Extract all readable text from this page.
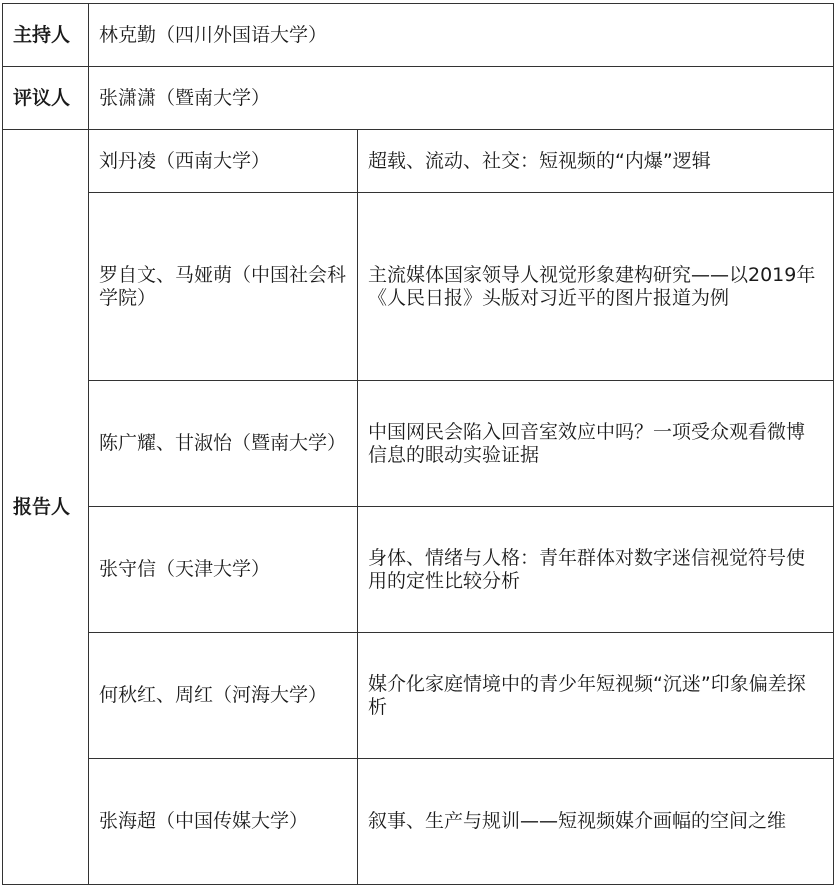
主持人	林克勤（四川外国语大学）	
评议人	张潇潇（暨南大学）	
报告人	刘丹凌（西南大学）	超载、流动、社交：短视频的“内爆”逻辑
	罗自文、马娅萌（中国社会科学院）	主流媒体国家领导人视觉形象建构研究——以2019年《人民日报》头版对习近平的图片报道为例
	陈广耀、甘淑怡（暨南大学）	中国网民会陷入回音室效应中吗？一项受众观看微博信息的眼动实验证据
	张守信（天津大学）	身体、情绪与人格：青年群体对数字迷信视觉符号使用的定性比较分析
	何秋红、周红（河海大学）	媒介化家庭情境中的青少年短视频“沉迷”印象偏差探析
	张海超（中国传媒大学）	叙事、生产与规训——短视频媒介画幅的空间之维
